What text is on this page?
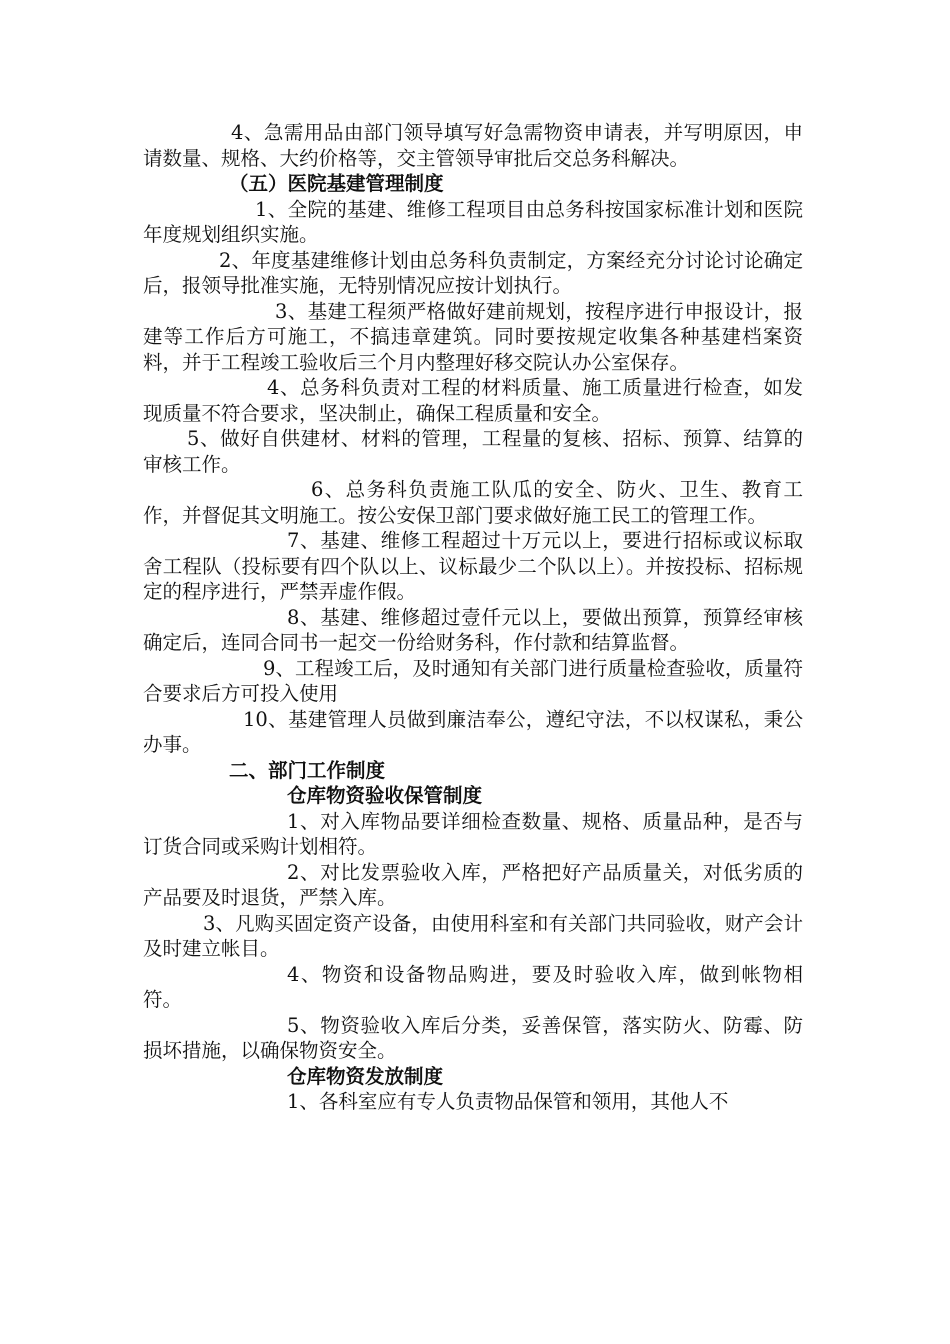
4、急需用品由部门领导填写好急需物资申请表，并写明原因，申请数量、规格、大约价格等，交主管领导审批后交总务科解决。

（五）医院基建管理制度

1、全院的基建、维修工程项目由总务科按国家标准计划和医院年度规划组织实施。

2、年度基建维修计划由总务科负责制定，方案经充分讨论讨论确定后，报领导批准实施，无特别情况应按计划执行。

3、基建工程须严格做好建前规划，按程序进行申报设计，报建等工作后方可施工，不搞违章建筑。同时要按规定收集各种基建档案资料，并于工程竣工验收后三个月内整理好移交院认办公室保存。

4、总务科负责对工程的材料质量、施工质量进行检查，如发现质量不符合要求，坚决制止，确保工程质量和安全。

5、做好自供建材、材料的管理，工程量的复核、招标、预算、结算的审核工作。

6、总务科负责施工队瓜的安全、防火、卫生、教育工作，并督促其文明施工。按公安保卫部门要求做好施工民工的管理工作。

7、基建、维修工程超过十万元以上，要进行招标或议标取舍工程队（投标要有四个队以上、议标最少二个队以上）。并按投标、招标规定的程序进行，严禁弄虚作假。

8、基建、维修超过壹仟元以上，要做出预算，预算经审核确定后，连同合同书一起交一份给财务科，作付款和结算监督。

9、工程竣工后，及时通知有关部门进行质量检查验收，质量符合要求后方可投入使用

10、基建管理人员做到廉洁奉公，遵纪守法，不以权谋私，秉公办事。

二、部门工作制度

仓库物资验收保管制度

1、对入库物品要详细检查数量、规格、质量品种，是否与订货合同或采购计划相符。

2、对比发票验收入库，严格把好产品质量关，对低劣质的产品要及时退货，严禁入库。

3、凡购买固定资产设备，由使用科室和有关部门共同验收，财产会计及时建立帐目。

4、物资和设备物品购进，要及时验收入库，做到帐物相符。

5、物资验收入库后分类，妥善保管，落实防火、防霉、防损坏措施，以确保物资安全。

仓库物资发放制度

1、各科室应有专人负责物品保管和领用，其他人不
